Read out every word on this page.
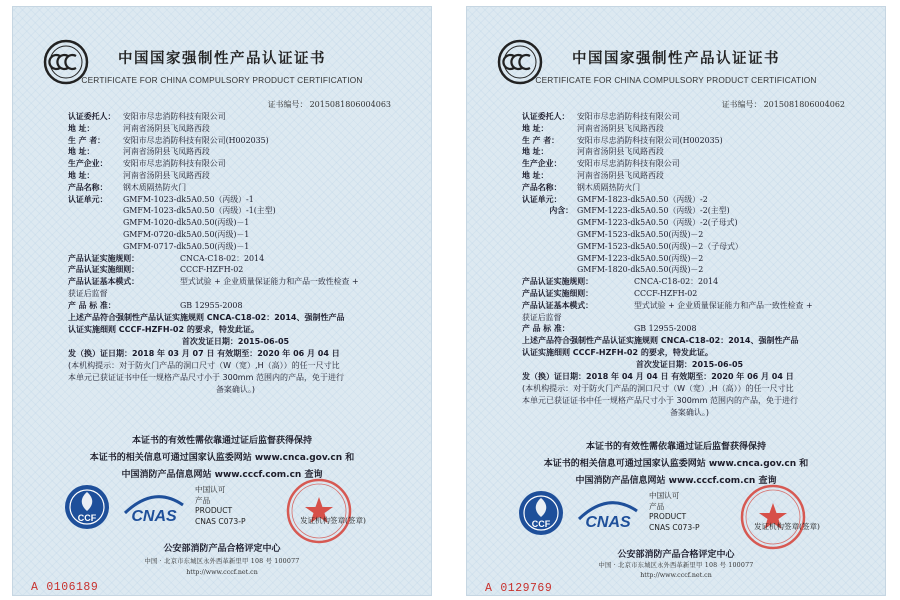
中国国家强制性产品认证证书
CERTIFICATE FOR CHINA COMPULSORY PRODUCT CERTIFICATION
证书编号： 2015081806004063
认证委托人： 安阳市尽忠消防科技有限公司
地 址：	河南省汤阴县飞凤路西段
生 产 者：	安阳市尽忠消防科技有限公司(H002035)
地 址：	河南省汤阴县飞凤路西段
生产企业：	安阳市尽忠消防科技有限公司
地 址：	河南省汤阴县飞凤路西段
产品名称：	钢木质隔热防火门
认证单元：	GMFM-1023-dk5A0.50（丙级）-1
GMFM-1023-dk5A0.50（丙级）-1(主型)
GMFM-1020-dk5A0.50(丙级)－1
GMFM-0720-dk5A0.50(丙级)－1
GMFM-0717-dk5A0.50(丙级)－1
产品认证实施规则：	CNCA-C18-02：2014
产品认证实施细则：	CCCF-HZFH-02
产品认证基本模式：	型式试验 + 企业质量保证能力和产品一致性检查 +
获证后监督
产 品 标 准：	GB 12955-2008
上述产品符合强制性产品认证实施规则 CNCA-C18-02：2014、强制性产品
认证实施细则 CCCF-HZFH-02 的要求，特发此证。
首次发证日期：2015-06-05
发（换）证日期：2018 年 03 月 07 日 有效期至：2020 年 06 月 04 日
(本机构提示：对于防火门产品的洞口尺寸（W（宽）,H（高））的任一尺寸比
本单元已获证证书中任一规格产品尺寸小于 300mm 范围内的产品，免于进行
备案确认。)
本证书的有效性需依靠通过证后监督获得保持
本证书的相关信息可通过国家认监委网站 www.cnca.gov.cn 和
中国消防产品信息网站 www.cccf.com.cn 查询
CCF CNAS
中国认可
产品
PRODUCT
CNAS C073-P	发证机构签章(签章)
公安部消防产品合格评定中心
中国 · 北京市东城区永外西革新里甲 108 号 100077
http://www.cccf.net.cn
A 0106189
中国国家强制性产品认证证书
CERTIFICATE FOR CHINA COMPULSORY PRODUCT CERTIFICATION
证书编号： 2015081806004062
认证委托人： 安阳市尽忠消防科技有限公司
地 址：	河南省汤阴县飞凤路西段
生 产 者：	安阳市尽忠消防科技有限公司(H002035)
地 址：	河南省汤阴县飞凤路西段
生产企业：	安阳市尽忠消防科技有限公司
地 址：	河南省汤阴县飞凤路西段
产品名称：	钢木质隔热防火门
认证单元：	GMFM-1823-dk5A0.50（丙级）-2
内含： GMFM-1223-dk5A0.50（丙级）-2(主型)
GMFM-1223-dk5A0.50（丙级）-2(子母式)
GMFM-1523-dk5A0.50(丙级)－2
GMFM-1523-dk5A0.50(丙级)－2（子母式）
GMFM-1223-dk5A0.50(丙级)－2
GMFM-1820-dk5A0.50(丙级)－2
产品认证实施规则：	CNCA-C18-02：2014
产品认证实施细则：	CCCF-HZFH-02
产品认证基本模式：	型式试验 + 企业质量保证能力和产品一致性检查 +
获证后监督
产 品 标 准：	GB 12955-2008
上述产品符合强制性产品认证实施规则 CNCA-C18-02：2014、强制性产品
认证实施细则 CCCF-HZFH-02 的要求，特发此证。
首次发证日期：2015-06-05
发（换）证日期：2018 年 04 月 04 日 有效期至：2020 年 06 月 04 日
(本机构提示：对于防火门产品的洞口尺寸（W（宽）,H（高））的任一尺寸比
本单元已获证证书中任一规格产品尺寸小于 300mm 范围内的产品，免于进行
备案确认。)
本证书的有效性需依靠通过证后监督获得保持
本证书的相关信息可通过国家认监委网站 www.cnca.gov.cn 和
中国消防产品信息网站 www.cccf.com.cn 查询
CCF CNAS
中国认可
产品
PRODUCT
CNAS C073-P	发证机构签章(签章)
公安部消防产品合格评定中心
中国 · 北京市东城区永外西革新里甲 108 号 100077
http://www.cccf.net.cn
A 0129769
